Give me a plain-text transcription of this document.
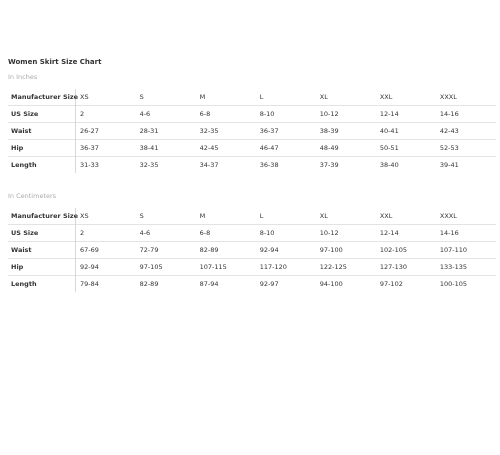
Women Skirt Size Chart
In Inches
Manufacturer Size	XS	S	M	L	XL	XXL	XXXL
US Size	2	4-6	6-8	8-10	10-12	12-14	14-16
Waist	26-27	28-31	32-35	36-37	38-39	40-41	42-43
Hip	36-37	38-41	42-45	46-47	48-49	50-51	52-53
Length	31-33	32-35	34-37	36-38	37-39	38-40	39-41
In Centimeters
Manufacturer Size	XS	S	M	L	XL	XXL	XXXL
US Size	2	4-6	6-8	8-10	10-12	12-14	14-16
Waist	67-69	72-79	82-89	92-94	97-100	102-105	107-110
Hip	92-94	97-105	107-115	117-120	122-125	127-130	133-135
Length	79-84	82-89	87-94	92-97	94-100	97-102	100-105
